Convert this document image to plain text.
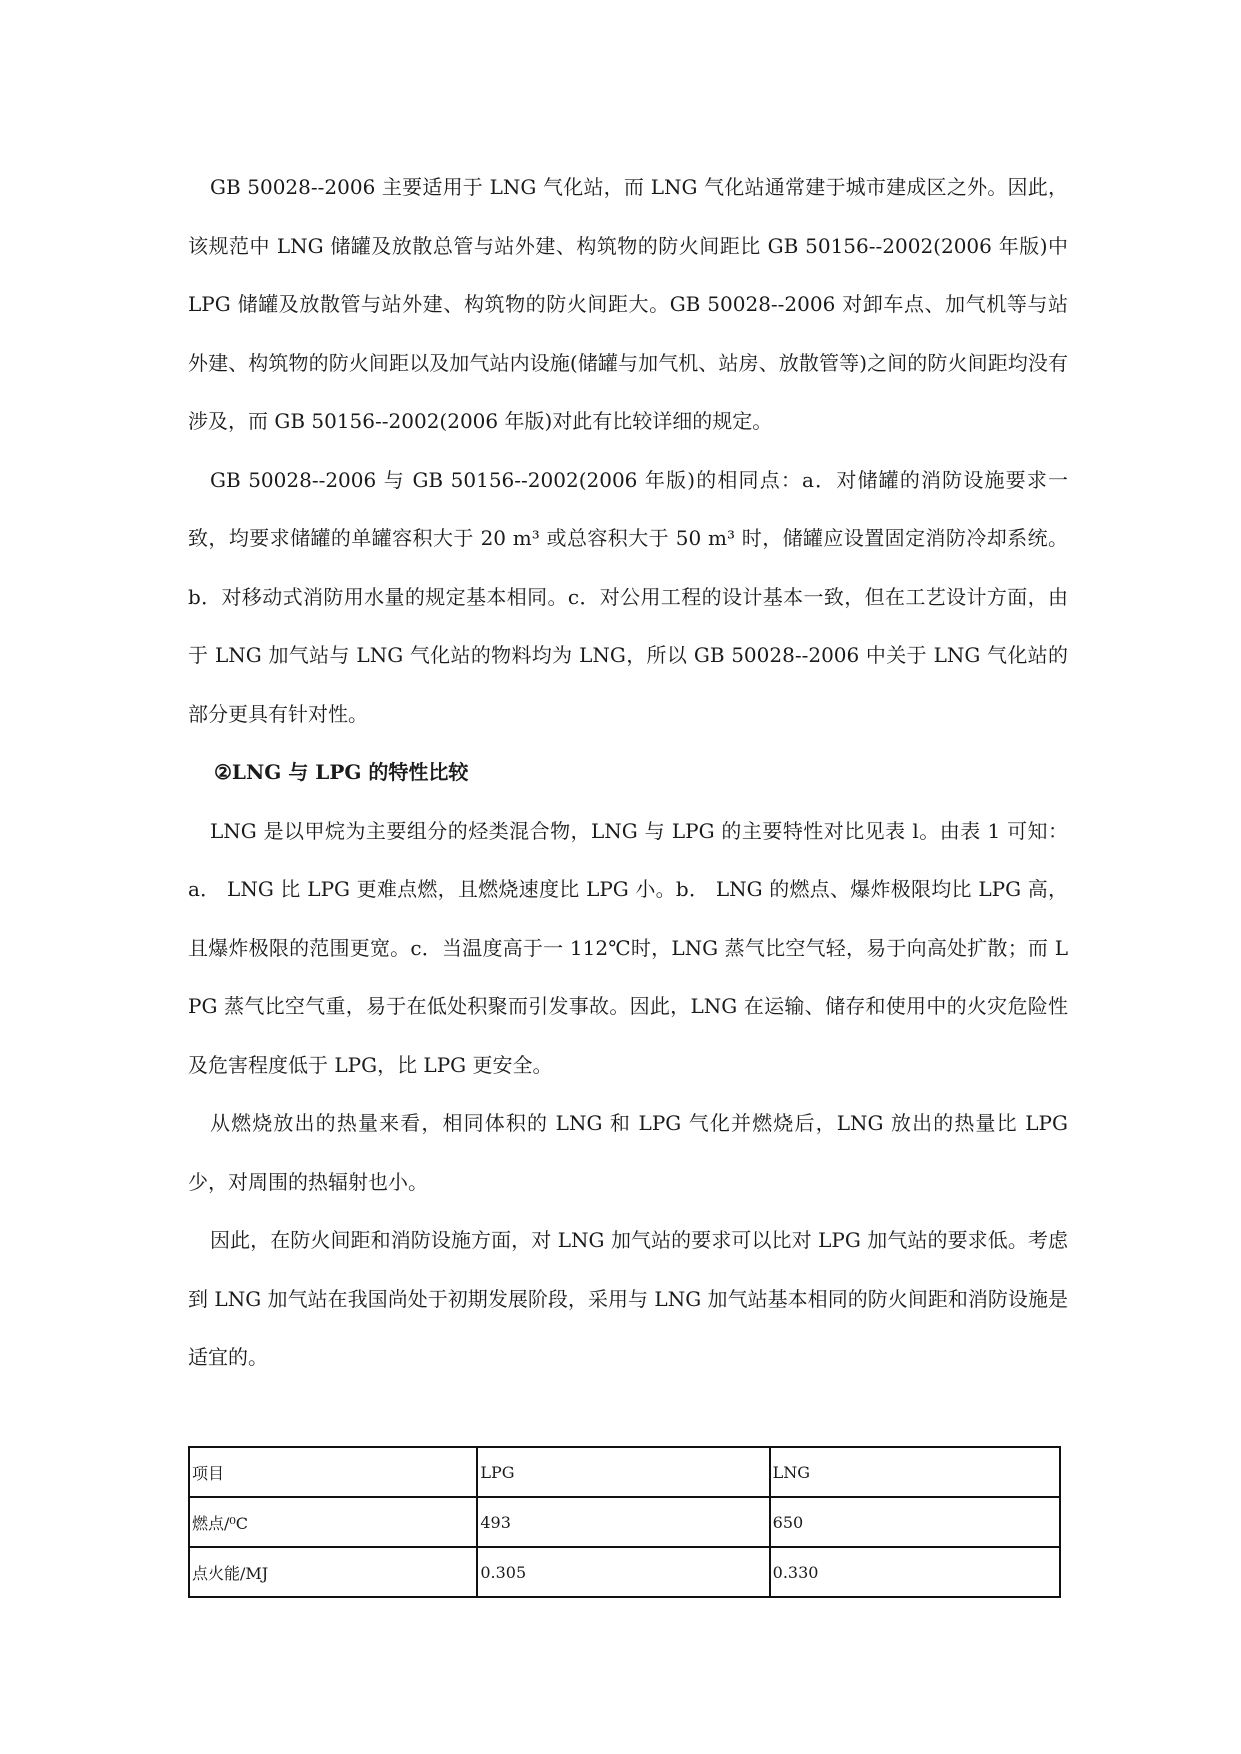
GB 50028--2006 主要适用于 LNG 气化站，而 LNG 气化站通常建于城市建成区之外。因此，该规范中 LNG 储罐及放散总管与站外建、构筑物的防火间距比 GB 50156--2002(2006 年版)中 LPG 储罐及放散管与站外建、构筑物的防火间距大。GB 50028--2006 对卸车点、加气机等与站外建、构筑物的防火间距以及加气站内设施(储罐与加气机、站房、放散管等)之间的防火间距均没有涉及，而 GB 50156--2002(2006 年版)对此有比较详细的规定。

GB 50028--2006 与 GB 50156--2002(2006 年版)的相同点：a．对储罐的消防设施要求一致，均要求储罐的单罐容积大于 20 m³ 或总容积大于 50 m³ 时，储罐应设置固定消防冷却系统。b．对移动式消防用水量的规定基本相同。c．对公用工程的设计基本一致，但在工艺设计方面，由于 LNG 加气站与 LNG 气化站的物料均为 LNG，所以 GB 50028--2006 中关于 LNG 气化站的部分更具有针对性。

②LNG 与 LPG 的特性比较

LNG 是以甲烷为主要组分的烃类混合物，LNG 与 LPG 的主要特性对比见表 l。由表 1 可知：a． LNG 比 LPG 更难点燃，且燃烧速度比 LPG 小。b． LNG 的燃点、爆炸极限均比 LPG 高，且爆炸极限的范围更宽。c．当温度高于一 112℃时，LNG 蒸气比空气轻，易于向高处扩散；而 LPG 蒸气比空气重，易于在低处积聚而引发事故。因此，LNG 在运输、储存和使用中的火灾危险性及危害程度低于 LPG，比 LPG 更安全。

从燃烧放出的热量来看，相同体积的 LNG 和 LPG 气化并燃烧后，LNG 放出的热量比 LPG 少，对周围的热辐射也小。

因此，在防火间距和消防设施方面，对 LNG 加气站的要求可以比对 LPG 加气站的要求低。考虑到 LNG 加气站在我国尚处于初期发展阶段，采用与 LNG 加气站基本相同的防火间距和消防设施是适宜的。

项目	LPG	LNG
燃点/⁰C	493	650
点火能/MJ	0.305	0.330
